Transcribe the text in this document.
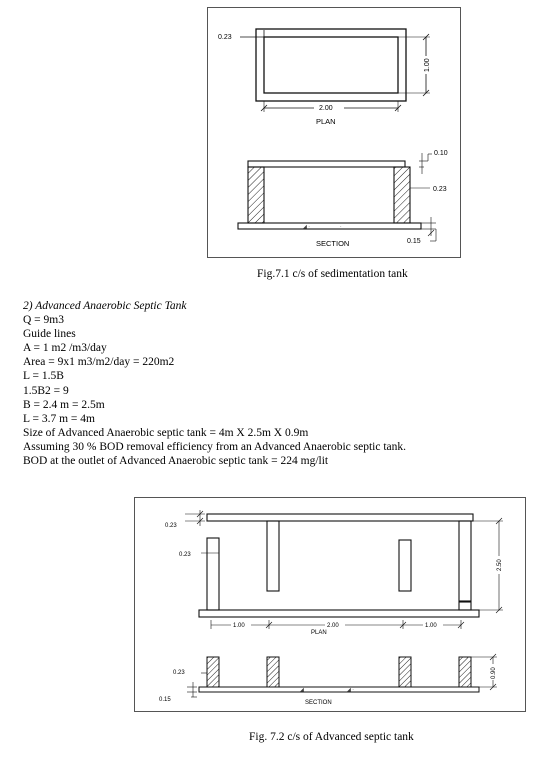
0.23
1.00
2.00
PLAN
◢ ·	·
0.10
0.23
0.15
SECTION
Fig.7.1 c/s of sedimentation tank
2) Advanced Anaerobic Septic Tank
Q = 9m3
Guide lines
A = 1 m2 /m3/day
Area = 9x1 m3/m2/day = 220m2
L = 1.5B
1.5B2 = 9
B = 2.4 m = 2.5m
L = 3.7 m = 4m
Size of Advanced Anaerobic septic tank = 4m X 2.5m X 0.9m
Assuming 30 % BOD removal efficiency from an Advanced Anaerobic septic tank.
BOD at the outlet of Advanced Anaerobic septic tank = 224 mg/lit
0.23
0.23
2.50
1.00	2.00	1.00
PLAN
◢	◢ ·
0.23
0.15
0.90
SECTION
Fig. 7.2 c/s of Advanced septic tank
